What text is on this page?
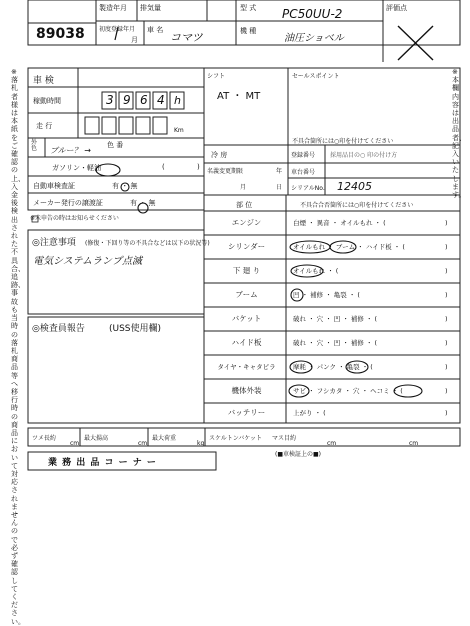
製造年月 排気量	型 式 PC50UU-2	評価点
89038 初度登録年月
月
車 名
コマツ	機 種
油圧ショベル
※落札者様は本紙をご確認の上、入金後検出された不具合、追跡、事故も当時の落札商品等へ移行時の商品において対応されませんので必ず確認してください。
※本欄内容は出品者、記入いたします。
車 検
稼動時間	3 9 6 4 h
走 行
Km
外 色	ブルー？ →
色 番
ガソリン・軽油	(	)
自動車検査証	有 ・ 無
メーカー発行の譲渡証	有 ・ 無
※未申告の時はお知らせください
◎注意事項 (修復・下回り等の不具合などは以下の状況等)
電気システムランプ点滅
◎検査員報告	(USS使用欄)
シフト
AT ・ MT
セールスポイント
冷 房
名義変更期限	年
月	日
登録番号
車台番号
シリアルNo. 12405
不具合箇所には○印を付けてください
採用品目の○ 印の付け方
部 位	不具合合否箇所には○印を付けてください
エンジン	白煙 ・ 異音 ・ オイルもれ ・ (	)
シリンダー	オイルもれ ・ ブーム ・ ハイド板 ・ (	)
下 廻 り	オイルもれ ・ (	)
ブーム	凹 ・ 補修 ・ 亀裂 ・ (	)
バケット	破れ ・ 穴 ・ 凹 ・ 補修 ・ (	)
ハイド板	破れ ・ 穴 ・ 凹 ・ 補修 ・ (	)
タイヤ・キャタピラ	摩耗 ・ パンク ・ 亀裂 ・ (	)
機体外装	サビ ・ フシカタ ・ 穴 ・ ヘコミ ・ (	)
バッテリー	上がり ・ (	)
ツメ長約
cm
最大揚高
cm
最大荷重
kg
スケルトンバケット マス目約
cm	cm
(■車検証上の■)
業 務 出 品 コ ー ナ ー
